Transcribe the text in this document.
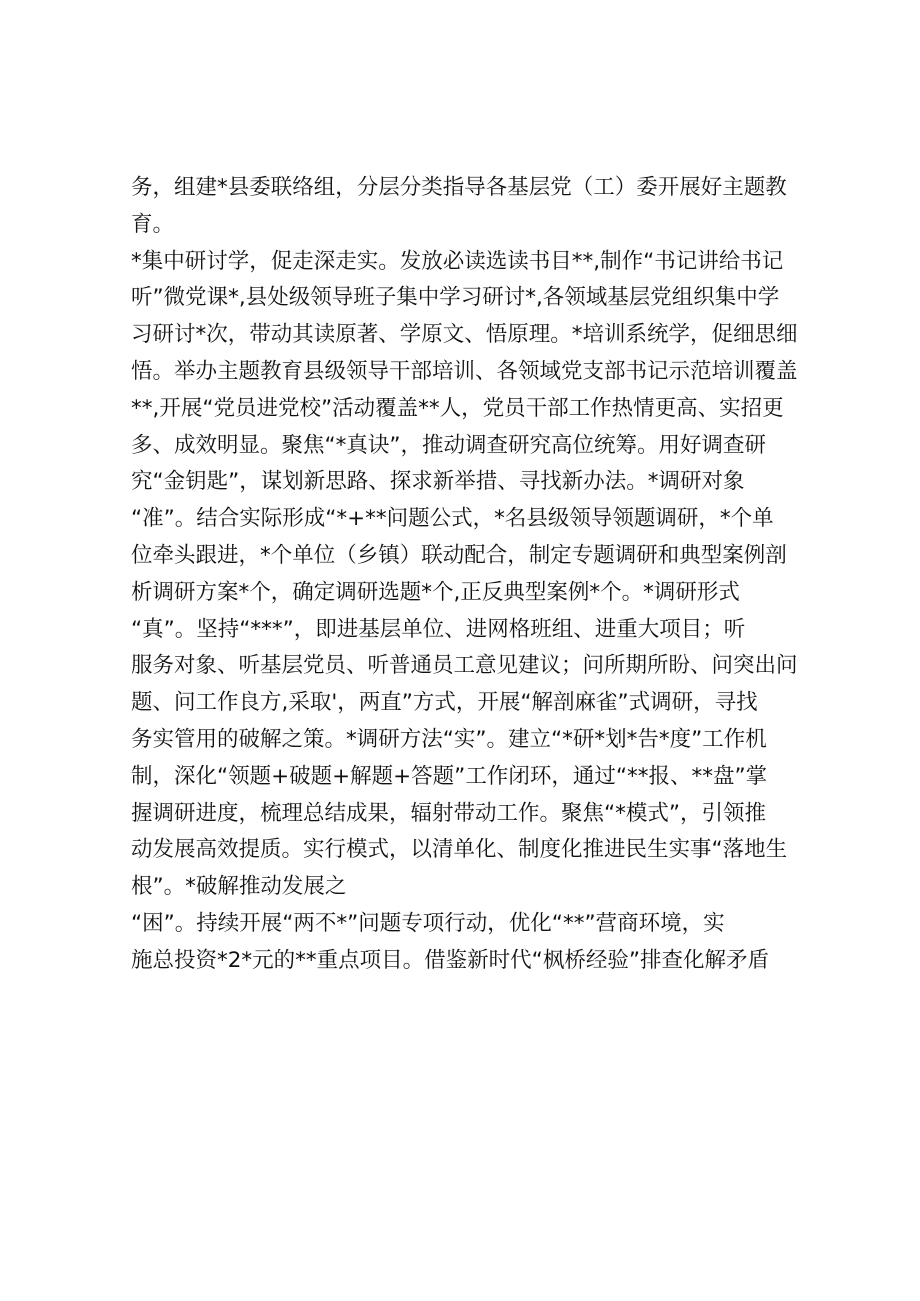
务，组建*县委联络组，分层分类指导各基层党（工）委开展好主题教
育。
*集中研讨学，促走深走实。发放必读选读书目**,制作“书记讲给书记
听”微党课*,县处级领导班子集中学习研讨*,各领域基层党组织集中学
习研讨*次，带动其读原著、学原文、悟原理。*培训系统学，促细思细
悟。举办主题教育县级领导干部培训、各领域党支部书记示范培训覆盖
**,开展“党员进党校”活动覆盖**人，党员干部工作热情更高、实招更
多、成效明显。聚焦“*真诀”，推动调查研究高位统筹。用好调查研
究“金钥匙”，谋划新思路、探求新举措、寻找新办法。*调研对象
“准”。结合实际形成“*+**问题公式，*名县级领导领题调研，*个单
位牵头跟进，*个单位（乡镇）联动配合，制定专题调研和典型案例剖
析调研方案*个，确定调研选题*个,正反典型案例*个。*调研形式
“真”。坚持“***”，即进基层单位、进网格班组、进重大项目；听
服务对象、听基层党员、听普通员工意见建议；问所期所盼、问突出问
题、问工作良方,采取'，两直”方式，开展“解剖麻雀”式调研，寻找
务实管用的破解之策。*调研方法“实”。建立“*研*划*告*度”工作机
制，深化“领题+破题+解题+答题”工作闭环，通过“**报、**盘”掌
握调研进度，梳理总结成果，辐射带动工作。聚焦“*模式”，引领推
动发展高效提质。实行模式，以清单化、制度化推进民生实事“落地生
根”。*破解推动发展之
“困”。持续开展“两不*”问题专项行动，优化“**”营商环境，实
施总投资*2*元的**重点项目。借鉴新时代“枫桥经验”排查化解矛盾
